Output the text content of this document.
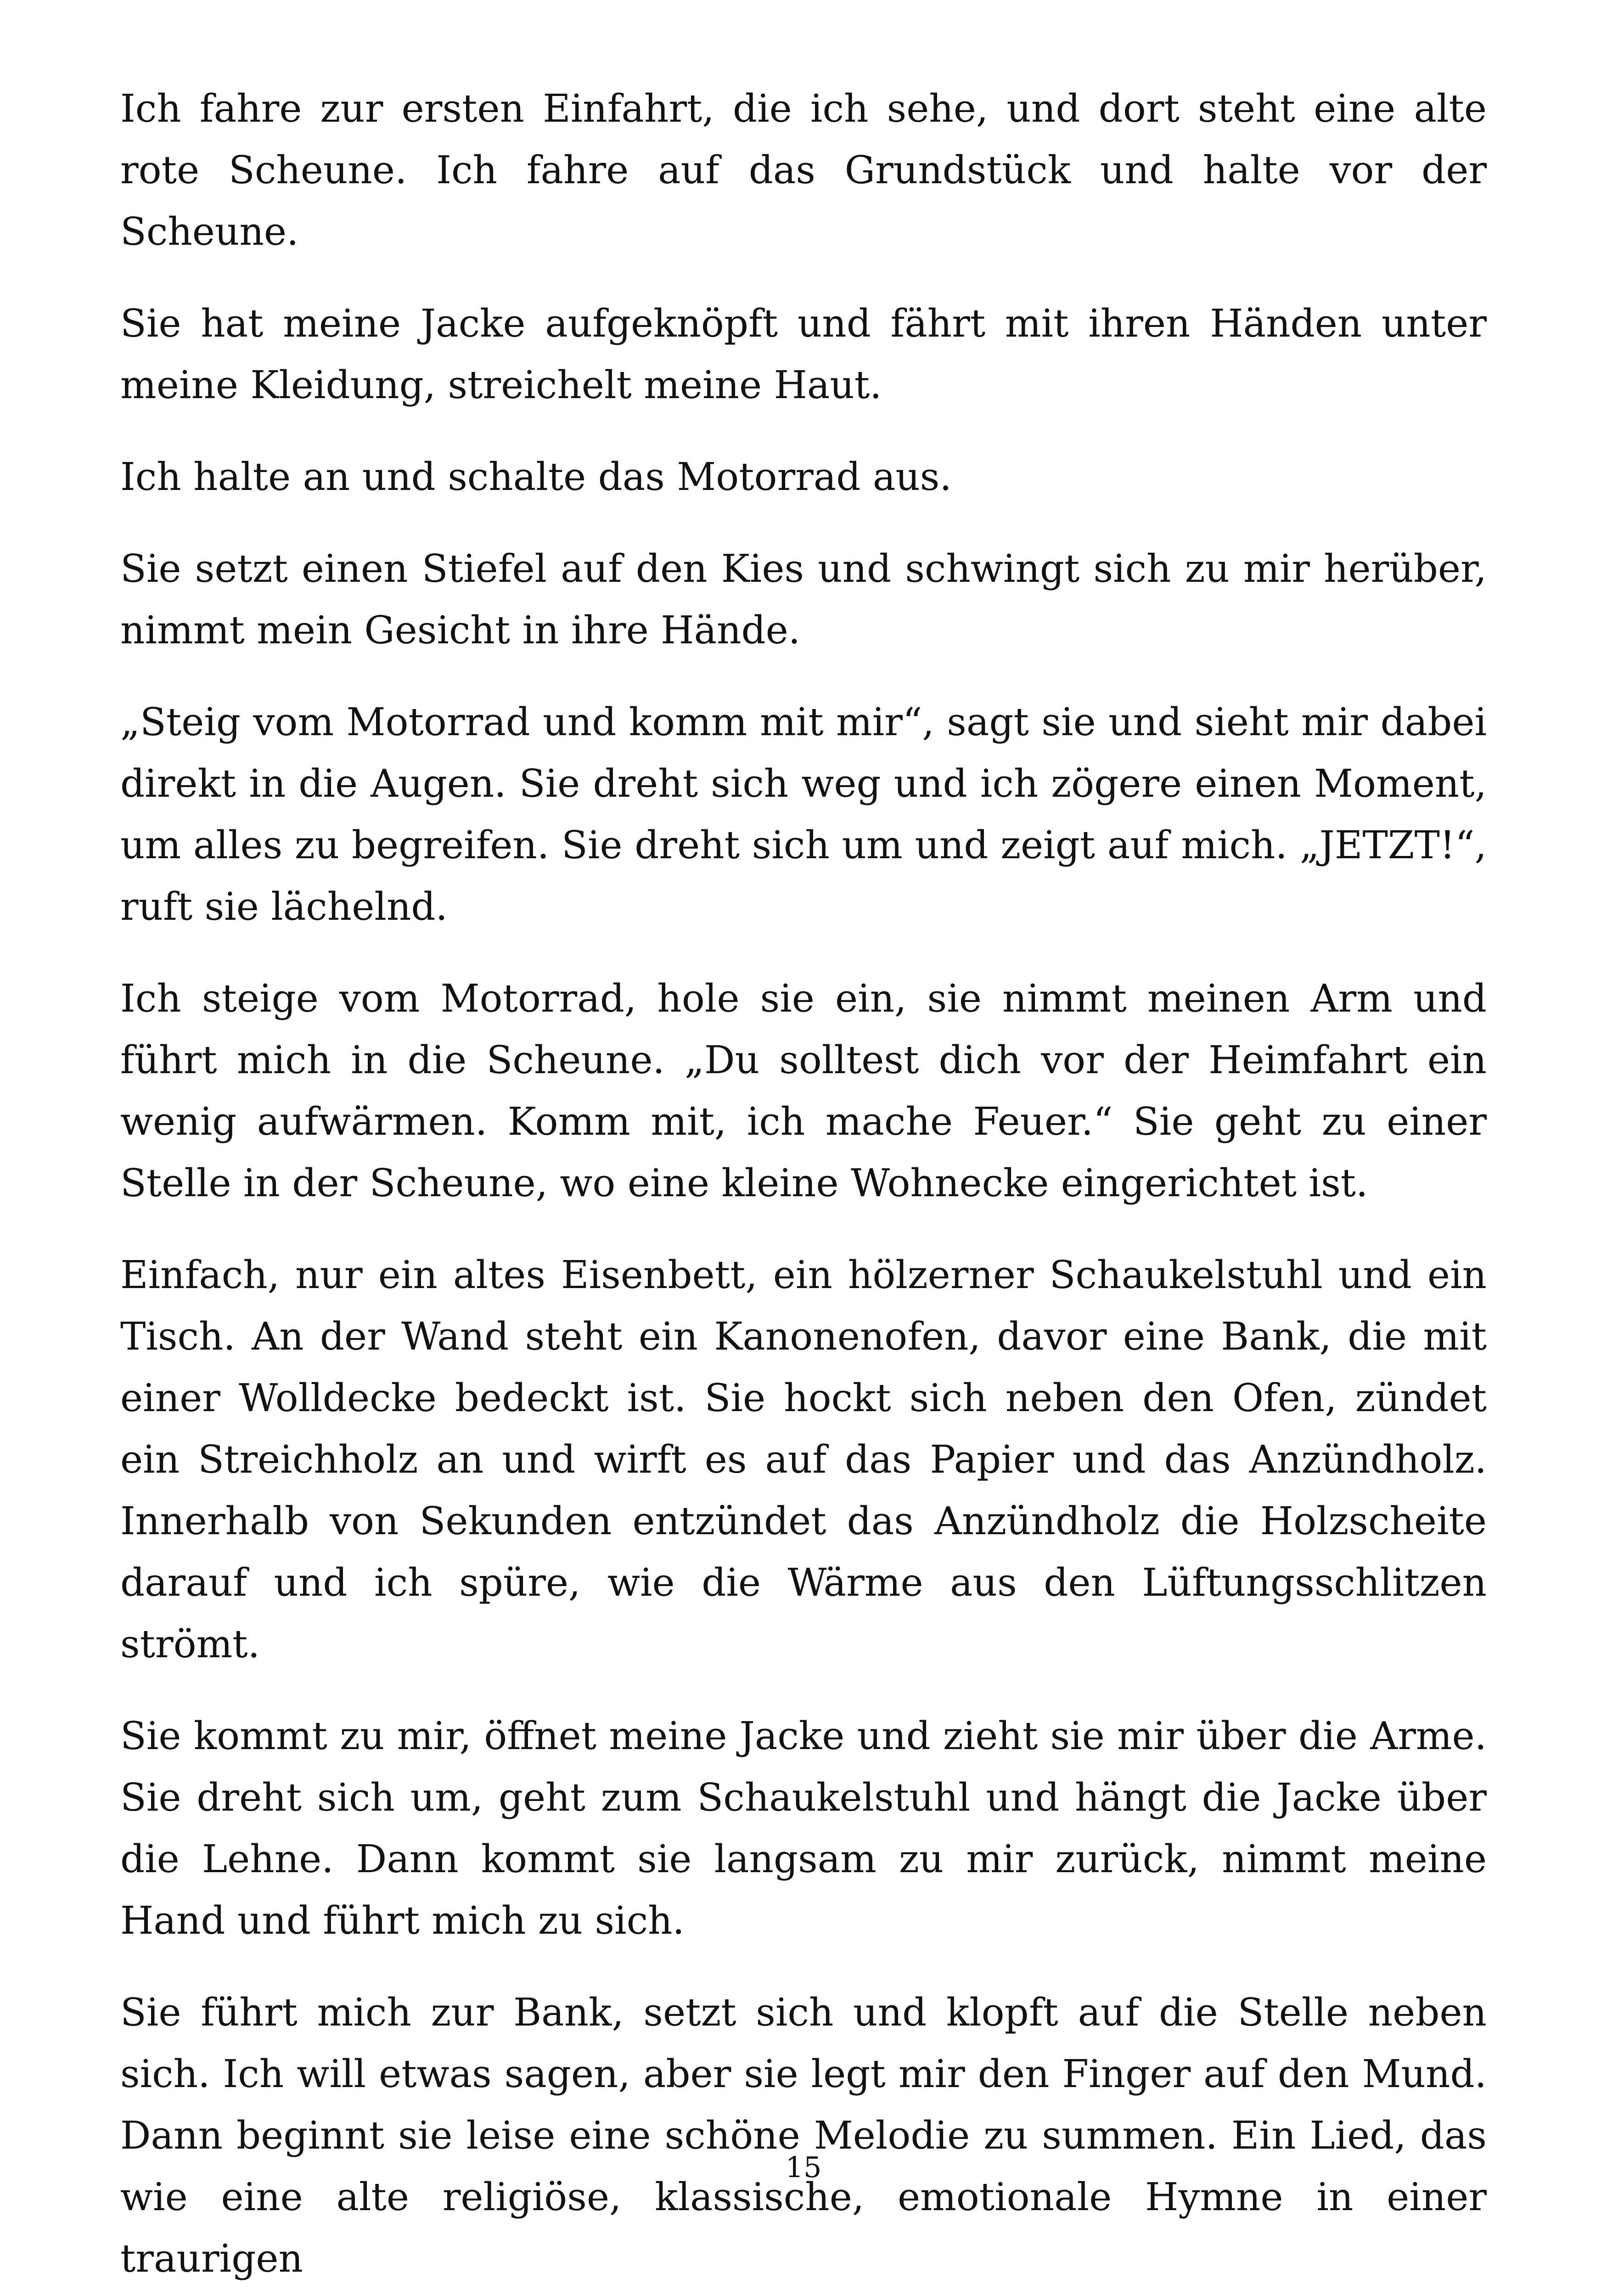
Ich fahre zur ersten Einfahrt, die ich sehe, und dort steht eine alte rote Scheune. Ich fahre auf das Grundstück und halte vor der Scheune.

Sie hat meine Jacke aufgeknöpft und fährt mit ihren Händen unter meine Kleidung, streichelt meine Haut.

Ich halte an und schalte das Motorrad aus.

Sie setzt einen Stiefel auf den Kies und schwingt sich zu mir herüber, nimmt mein Gesicht in ihre Hände.

„Steig vom Motorrad und komm mit mir“, sagt sie und sieht mir dabei direkt in die Augen. Sie dreht sich weg und ich zögere einen Moment, um alles zu begreifen. Sie dreht sich um und zeigt auf mich. „JETZT!“, ruft sie lächelnd.

Ich steige vom Motorrad, hole sie ein, sie nimmt meinen Arm und führt mich in die Scheune. „Du solltest dich vor der Heimfahrt ein wenig aufwärmen. Komm mit, ich mache Feuer.“ Sie geht zu einer Stelle in der Scheune, wo eine kleine Wohnecke eingerichtet ist.

Einfach, nur ein altes Eisenbett, ein hölzerner Schaukelstuhl und ein Tisch. An der Wand steht ein Kanonenofen, davor eine Bank, die mit einer Wolldecke bedeckt ist. Sie hockt sich neben den Ofen, zündet ein Streichholz an und wirft es auf das Papier und das Anzündholz. Innerhalb von Sekunden entzündet das Anzündholz die Holzscheite darauf und ich spüre, wie die Wärme aus den Lüftungsschlitzen strömt.

Sie kommt zu mir, öffnet meine Jacke und zieht sie mir über die Arme. Sie dreht sich um, geht zum Schaukelstuhl und hängt die Jacke über die Lehne. Dann kommt sie langsam zu mir zurück, nimmt meine Hand und führt mich zu sich.

Sie führt mich zur Bank, setzt sich und klopft auf die Stelle neben sich. Ich will etwas sagen, aber sie legt mir den Finger auf den Mund. Dann beginnt sie leise eine schöne Melodie zu summen. Ein Lied, das wie eine alte religiöse, klassische, emotionale Hymne in einer traurigen

15
